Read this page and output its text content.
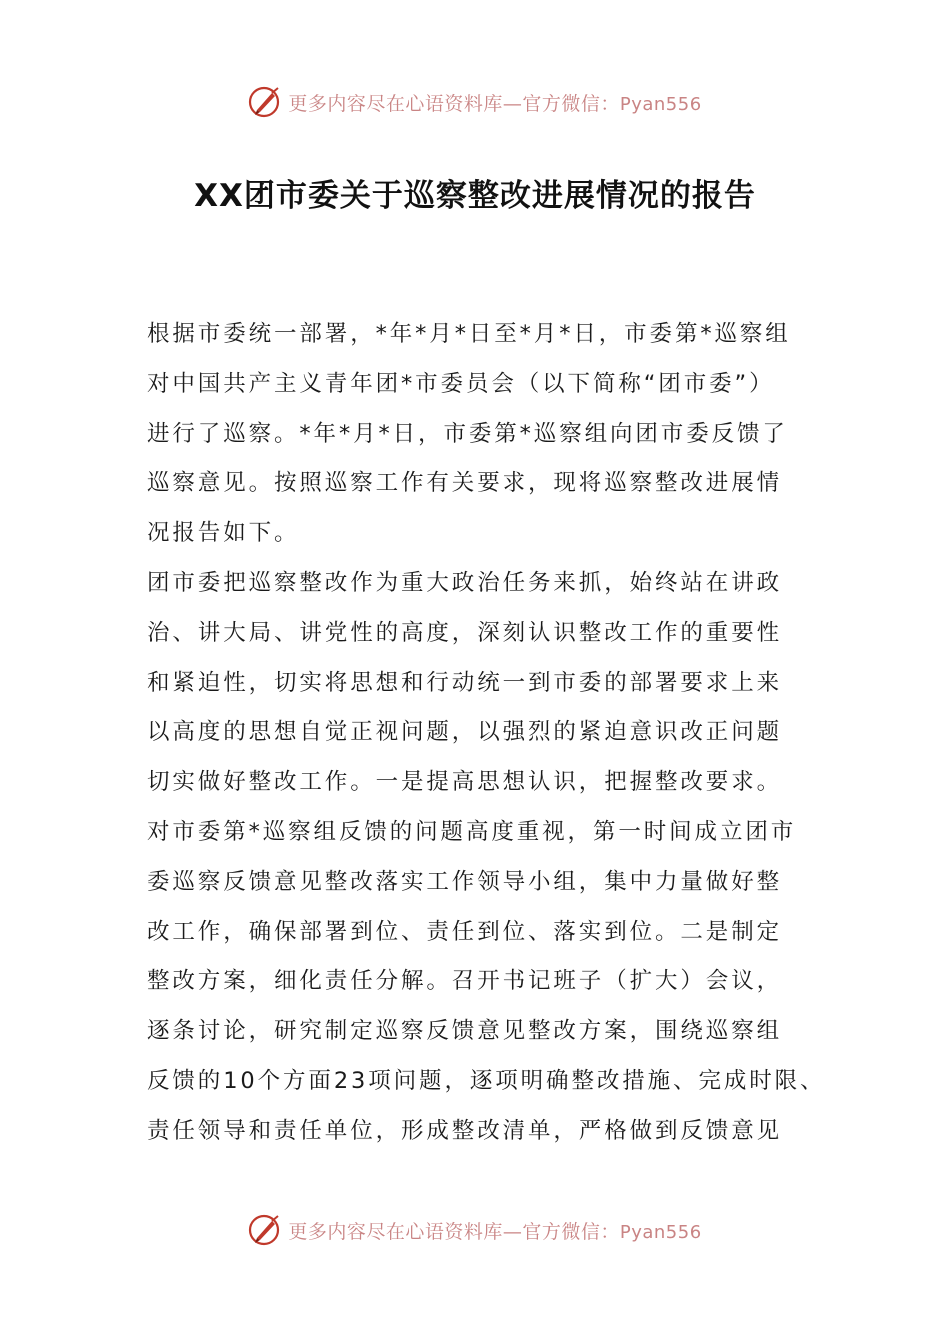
更多内容尽在心语资料库—官方微信：Pyan556
XX团市委关于巡察整改进展情况的报告
根据市委统一部署，*年*月*日至*月*日，市委第*巡察组
对中国共产主义青年团*市委员会（以下简称“团市委”）
进行了巡察。*年*月*日，市委第*巡察组向团市委反馈了
巡察意见。按照巡察工作有关要求，现将巡察整改进展情
况报告如下。
团市委把巡察整改作为重大政治任务来抓，始终站在讲政
治、讲大局、讲党性的高度，深刻认识整改工作的重要性
和紧迫性，切实将思想和行动统一到市委的部署要求上来
以高度的思想自觉正视问题，以强烈的紧迫意识改正问题
切实做好整改工作。一是提高思想认识，把握整改要求。
对市委第*巡察组反馈的问题高度重视，第一时间成立团市
委巡察反馈意见整改落实工作领导小组，集中力量做好整
改工作，确保部署到位、责任到位、落实到位。二是制定
整改方案，细化责任分解。召开书记班子（扩大）会议，
逐条讨论，研究制定巡察反馈意见整改方案，围绕巡察组
反馈的10个方面23项问题，逐项明确整改措施、完成时限、
责任领导和责任单位，形成整改清单，严格做到反馈意见
更多内容尽在心语资料库—官方微信：Pyan556
